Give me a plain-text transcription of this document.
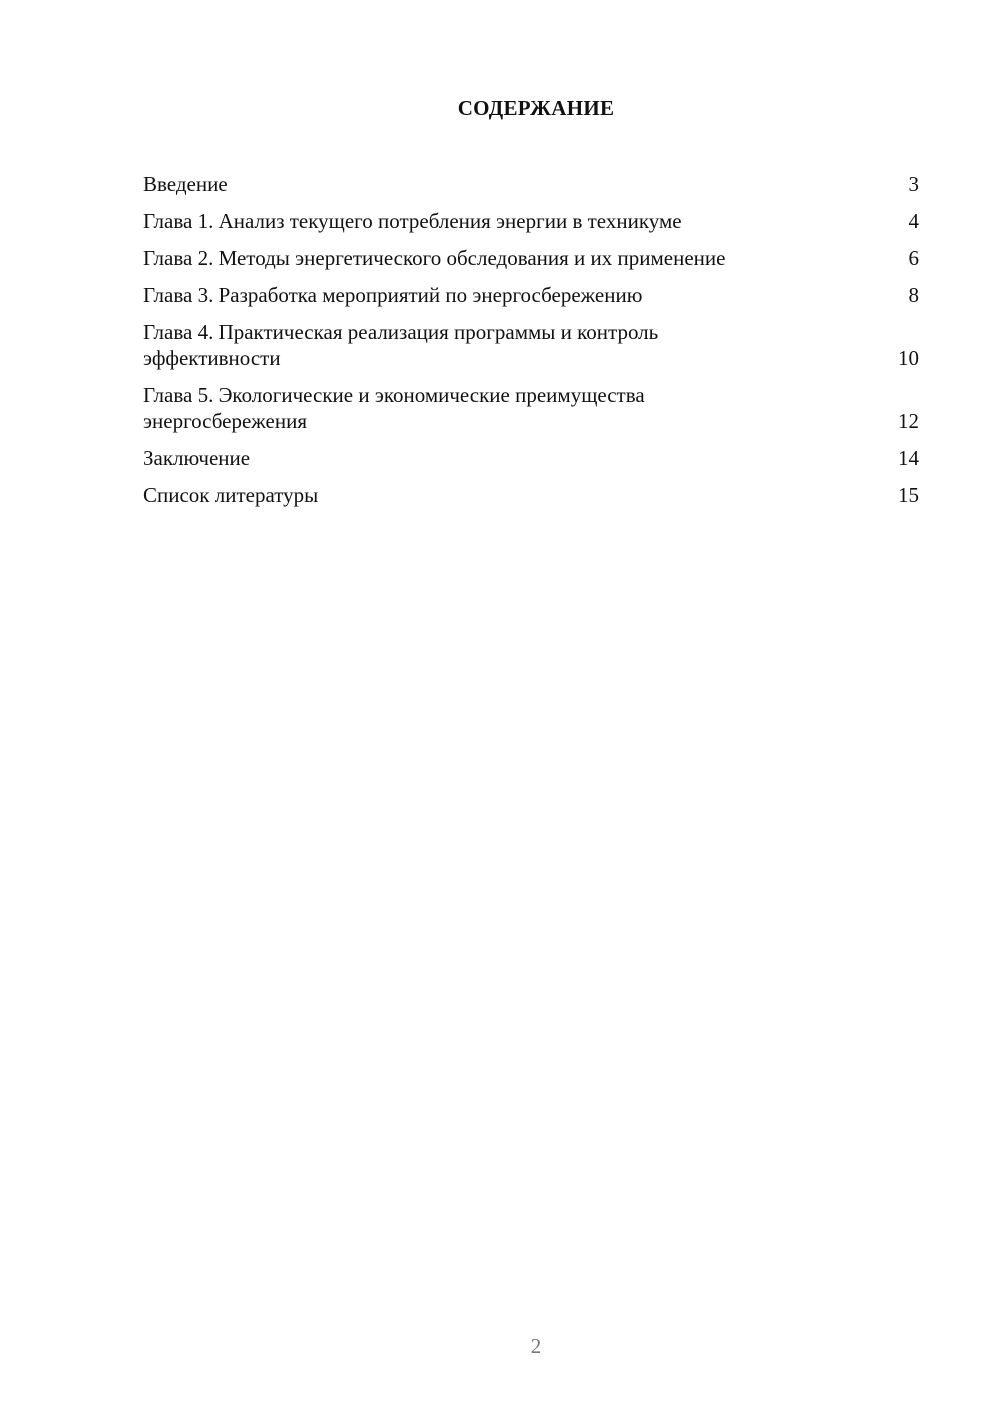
СОДЕРЖАНИЕ
Введение	3
Глава 1. Анализ текущего потребления энергии в техникуме	4
Глава 2. Методы энергетического обследования и их применение	6
Глава 3. Разработка мероприятий по энергосбережению	8
Глава 4. Практическая реализация программы и контроль эффективности	10
Глава 5. Экологические и экономические преимущества энергосбережения	12
Заключение	14
Список литературы	15
2
